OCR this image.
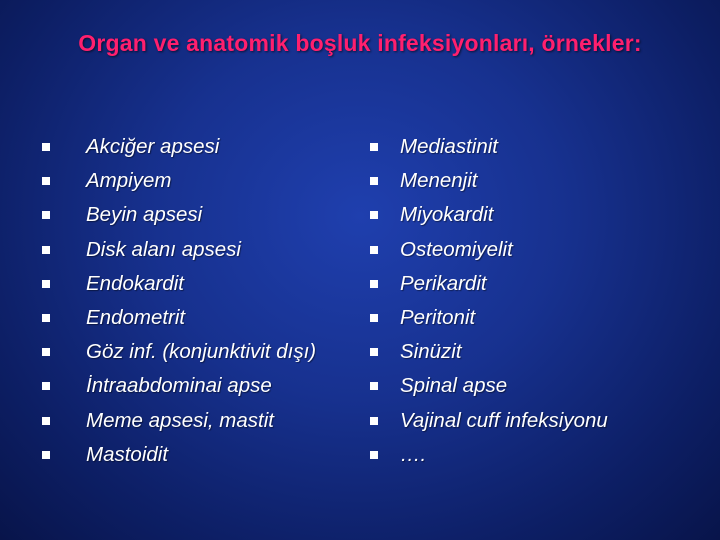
Organ ve anatomik boşluk infeksiyonları, örnekler:
Akciğer apsesi
Ampiyem
Beyin apsesi
Disk alanı apsesi
Endokardit
Endometrit
Göz inf. (konjunktivit dışı)
İntraabdominai apse
Meme apsesi, mastit
Mastoidit
Mediastinit
Menenjit
Miyokardit
Osteomiyelit
Perikardit
Peritonit
Sinüzit
Spinal apse
Vajinal cuff infeksiyonu
….
